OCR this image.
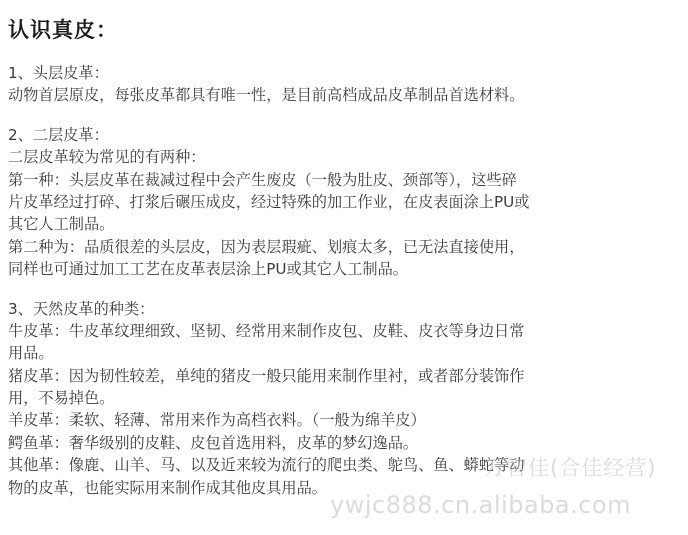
认识真皮：
1、头层皮革：
动物首层原皮，每张皮革都具有唯一性，是目前高档成品皮革制品首选材料。
2、二层皮革：
二层皮革较为常见的有两种：
第一种：头层皮革在裁减过程中会产生废皮（一般为肚皮、颈部等），这些碎
片皮革经过打碎、打浆后碾压成皮，经过特殊的加工作业，在皮表面涂上PU或
其它人工制品。
第二种为：品质很差的头层皮，因为表层瑕疵、划痕太多，已无法直接使用，
同样也可通过加工工艺在皮革表层涂上PU或其它人工制品。
3、天然皮革的种类：
牛皮革：牛皮革纹理细致、坚韧、经常用来制作皮包、皮鞋、皮衣等身边日常
用品。
猪皮革：因为韧性较差，单纯的猪皮一般只能用来制作里衬，或者部分装饰作
用，不易掉色。
羊皮革：柔软、轻薄、常用来作为高档衣料。（一般为绵羊皮）
鳄鱼革：奢华级别的皮鞋、皮包首选用料，皮革的梦幻逸品。
其他革：像鹿、山羊、马、以及近来较为流行的爬虫类、鸵鸟、鱼、蟒蛇等动
物的皮革，也能实际用来制作成其他皮具用品。
万智佳(合佳经营)
ywjc888.cn.alibaba.com
